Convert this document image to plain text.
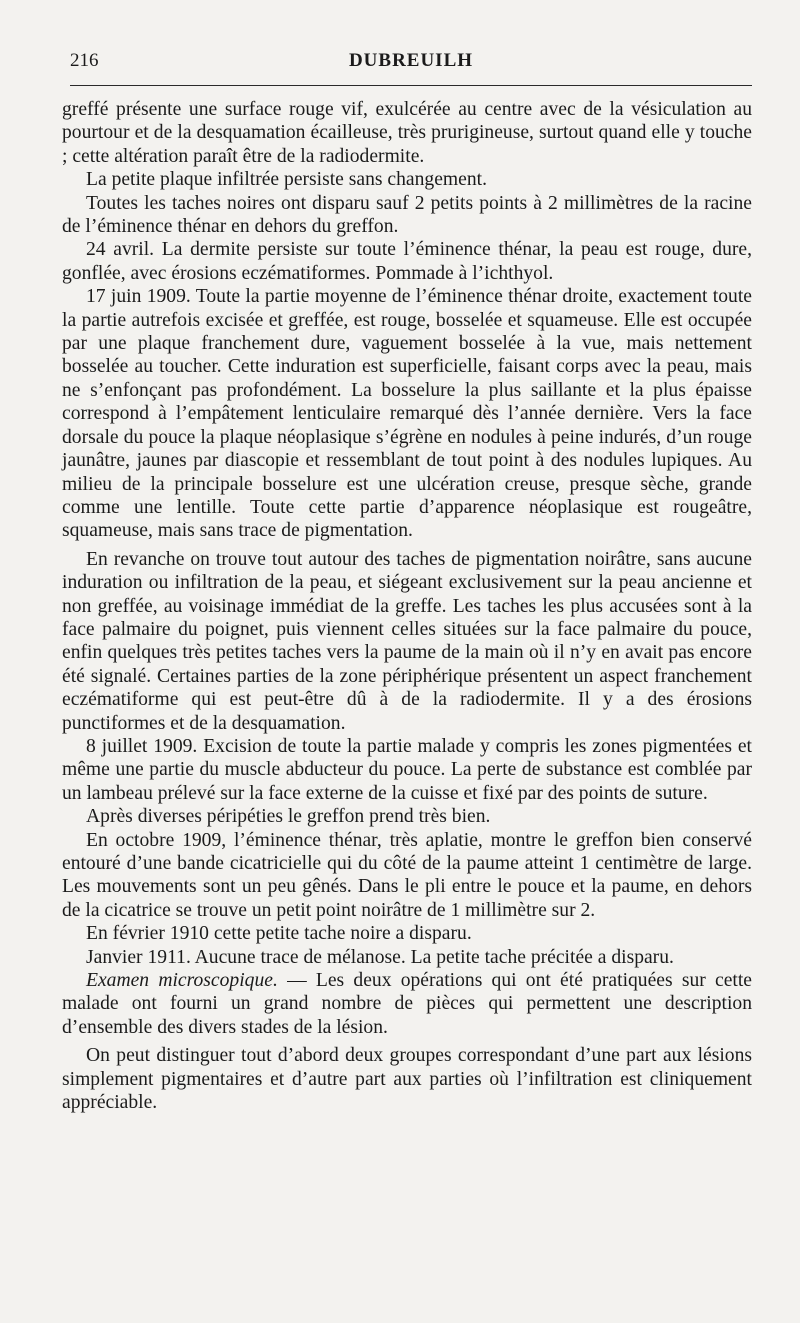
216	DUBREUILH

greffé présente une surface rouge vif, exulcérée au centre avec de la vésiculation au pourtour et de la desquamation écailleuse, très prurigineuse, surtout quand elle y touche ; cette altération paraît être de la radiodermite.

La petite plaque infiltrée persiste sans changement.

Toutes les taches noires ont disparu sauf 2 petits points à 2 millimètres de la racine de l’éminence thénar en dehors du greffon.

24 avril. La dermite persiste sur toute l’éminence thénar, la peau est rouge, dure, gonflée, avec érosions eczématiformes. Pommade à l’ichthyol.

17 juin 1909. Toute la partie moyenne de l’éminence thénar droite, exactement toute la partie autrefois excisée et greffée, est rouge, bosselée et squameuse. Elle est occupée par une plaque franchement dure, vaguement bosselée à la vue, mais nettement bosselée au toucher. Cette induration est superficielle, faisant corps avec la peau, mais ne s’enfonçant pas profondément. La bosselure la plus saillante et la plus épaisse correspond à l’empâtement lenticulaire remarqué dès l’année dernière. Vers la face dorsale du pouce la plaque néoplasique s’égrène en nodules à peine indurés, d’un rouge jaunâtre, jaunes par diascopie et ressemblant de tout point à des nodules lupiques. Au milieu de la principale bosselure est une ulcération creuse, presque sèche, grande comme une lentille. Toute cette partie d’apparence néoplasique est rougeâtre, squameuse, mais sans trace de pigmentation.

En revanche on trouve tout autour des taches de pigmentation noirâtre, sans aucune induration ou infiltration de la peau, et siégeant exclusivement sur la peau ancienne et non greffée, au voisinage immédiat de la greffe. Les taches les plus accusées sont à la face palmaire du poignet, puis viennent celles situées sur la face palmaire du pouce, enfin quelques très petites taches vers la paume de la main où il n’y en avait pas encore été signalé. Certaines parties de la zone périphérique présentent un aspect franchement eczématiforme qui est peut-être dû à de la radiodermite. Il y a des érosions punctiformes et de la desquamation.

8 juillet 1909. Excision de toute la partie malade y compris les zones pigmentées et même une partie du muscle abducteur du pouce. La perte de substance est comblée par un lambeau prélevé sur la face externe de la cuisse et fixé par des points de suture.

Après diverses péripéties le greffon prend très bien.

En octobre 1909, l’éminence thénar, très aplatie, montre le greffon bien conservé entouré d’une bande cicatricielle qui du côté de la paume atteint 1 centimètre de large. Les mouvements sont un peu gênés. Dans le pli entre le pouce et la paume, en dehors de la cicatrice se trouve un petit point noirâtre de 1 millimètre sur 2.

En février 1910 cette petite tache noire a disparu.

Janvier 1911. Aucune trace de mélanose. La petite tache précitée a disparu.

Examen microscopique. — Les deux opérations qui ont été pratiquées sur cette malade ont fourni un grand nombre de pièces qui permettent une description d’ensemble des divers stades de la lésion.

On peut distinguer tout d’abord deux groupes correspondant d’une part aux lésions simplement pigmentaires et d’autre part aux parties où l’infiltration est cliniquement appréciable.
